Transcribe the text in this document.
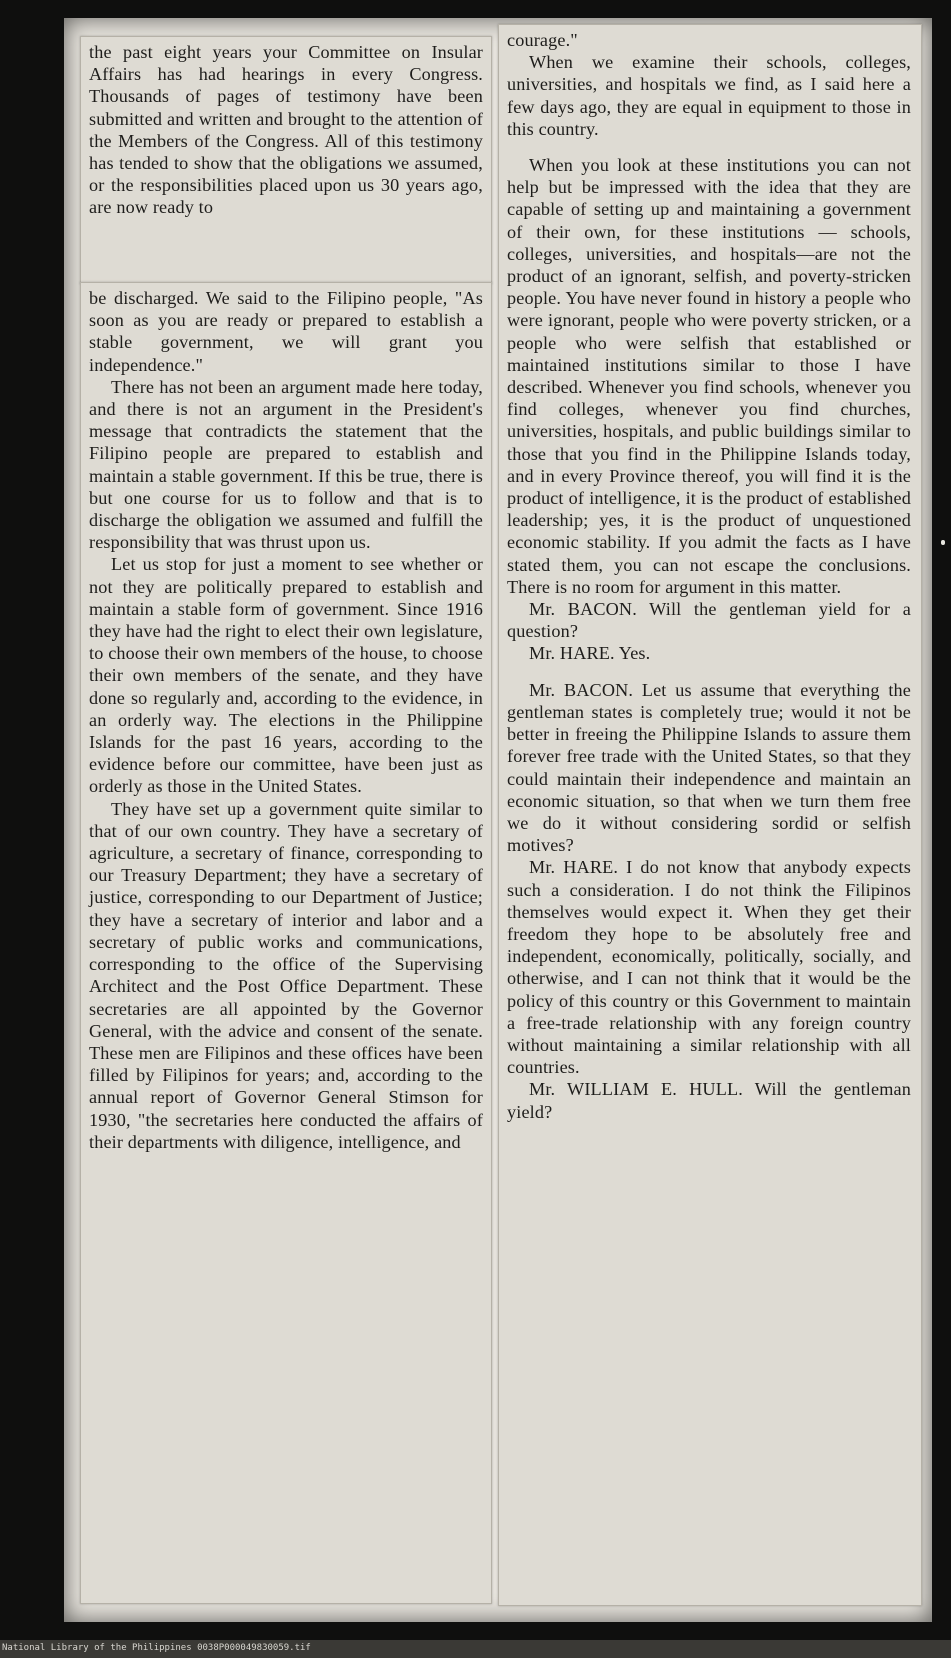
the past eight years your Committee on Insular Affairs has had hearings in every Congress. Thousands of pages of testimony have been submitted and written and brought to the attention of the Members of the Congress. All of this testimony has tended to show that the obligations we assumed, or the responsibilities placed upon us 30 years ago, are now ready to

be discharged. We said to the Filipino people, "As soon as you are ready or prepared to establish a stable government, we will grant you independence."

There has not been an argument made here today, and there is not an argument in the President's message that contradicts the statement that the Filipino people are prepared to establish and maintain a stable government. If this be true, there is but one course for us to follow and that is to discharge the obligation we assumed and fulfill the responsibility that was thrust upon us.

Let us stop for just a moment to see whether or not they are politically prepared to establish and maintain a stable form of government. Since 1916 they have had the right to elect their own legislature, to choose their own members of the house, to choose their own members of the senate, and they have done so regularly and, according to the evidence, in an orderly way. The elections in the Philippine Islands for the past 16 years, according to the evidence before our committee, have been just as orderly as those in the United States.

They have set up a government quite similar to that of our own country. They have a secretary of agriculture, a secretary of finance, corresponding to our Treasury Department; they have a secretary of justice, corresponding to our Department of Justice; they have a secretary of interior and labor and a secretary of public works and communications, corresponding to the office of the Supervising Architect and the Post Office Department. These secretaries are all appointed by the Governor General, with the advice and consent of the senate. These men are Filipinos and these offices have been filled by Filipinos for years; and, according to the annual report of Governor General Stimson for 1930, "the secretaries here conducted the affairs of their departments with diligence, intelligence, and

courage."

When we examine their schools, colleges, universities, and hospitals we find, as I said here a few days ago, they are equal in equipment to those in this country.

When you look at these institutions you can not help but be impressed with the idea that they are capable of setting up and maintaining a government of their own, for these institutions — schools, colleges, universities, and hospitals—are not the product of an ignorant, selfish, and poverty-stricken people. You have never found in history a people who were ignorant, people who were poverty stricken, or a people who were selfish that established or maintained institutions similar to those I have described. Whenever you find schools, whenever you find colleges, whenever you find churches, universities, hospitals, and public buildings similar to those that you find in the Philippine Islands today, and in every Province thereof, you will find it is the product of intelligence, it is the product of established leadership; yes, it is the product of unquestioned economic stability. If you admit the facts as I have stated them, you can not escape the conclusions. There is no room for argument in this matter.

Mr. BACON. Will the gentleman yield for a question?

Mr. HARE. Yes.

Mr. BACON. Let us assume that everything the gentleman states is completely true; would it not be better in freeing the Philippine Islands to assure them forever free trade with the United States, so that they could maintain their independence and maintain an economic situation, so that when we turn them free we do it without considering sordid or selfish motives?

Mr. HARE. I do not know that anybody expects such a consideration. I do not think the Filipinos themselves would expect it. When they get their freedom they hope to be absolutely free and independent, economically, politically, socially, and otherwise, and I can not think that it would be the policy of this country or this Government to maintain a free-trade relationship with any foreign country without maintaining a similar relationship with all countries.

Mr. WILLIAM E. HULL. Will the gentleman yield?

National Library of the Philippines 0038P000049830059.tif
